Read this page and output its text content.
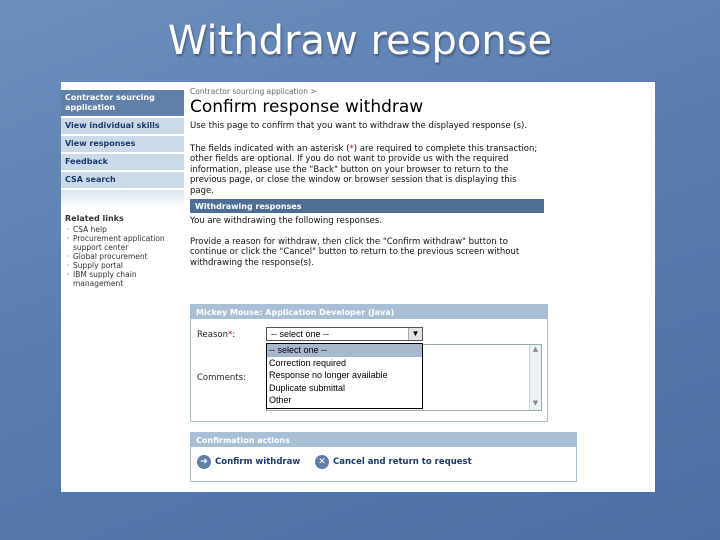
Withdraw response
Contractor sourcing application
View individual skills
View responses
Feedback
CSA search
Related links
· CSA help
· Procurement application support center
· Global procurement
· Supply portal
· IBM supply chain management
Contractor sourcing application >
Confirm response withdraw
Use this page to confirm that you want to withdraw the displayed response (s).
The fields indicated with an asterisk (*) are required to complete this transaction; other fields are optional. If you do not want to provide us with the required information, please use the "Back" button on your browser to return to the previous page, or close the window or browser session that is displaying this page.
Withdrawing responses
You are withdrawing the following responses.
Provide a reason for withdraw, then click the "Confirm withdraw" button to continue or click the "Cancel" button to return to the previous screen without withdrawing the response(s).
Mickey Mouse: Application Developer (Java)
Reason*:
▲
▼
Comments:
-- select one --	▼
-- select one --
Correction required
Response no longer available
Duplicate submittal
Other
Confirmation actions
➔ Confirm withdraw	✕ Cancel and return to request
